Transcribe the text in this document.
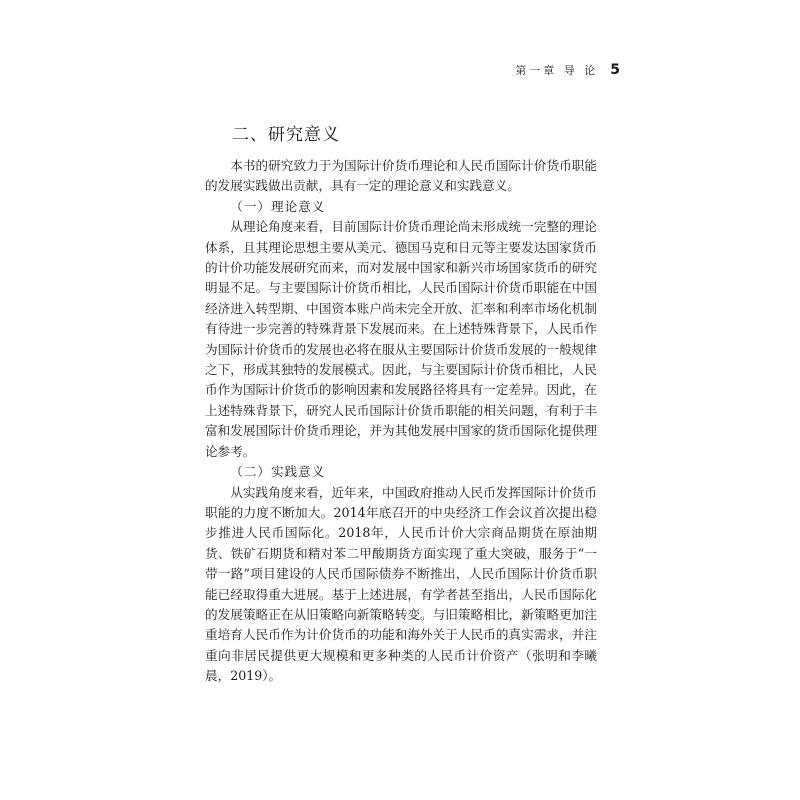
第一章 导 论 5
二、研究意义

本书的研究致力于为国际计价货币理论和人民币国际计价货币职能的发展实践做出贡献，具有一定的理论意义和实践意义。

（一）理论意义

从理论角度来看，目前国际计价货币理论尚未形成统一完整的理论体系，且其理论思想主要从美元、德国马克和日元等主要发达国家货币的计价功能发展研究而来，而对发展中国家和新兴市场国家货币的研究明显不足。与主要国际计价货币相比，人民币国际计价货币职能在中国经济进入转型期、中国资本账户尚未完全开放、汇率和利率市场化机制有待进一步完善的特殊背景下发展而来。在上述特殊背景下，人民币作为国际计价货币的发展也必将在服从主要国际计价货币发展的一般规律之下，形成其独特的发展模式。因此，与主要国际计价货币相比，人民币作为国际计价货币的影响因素和发展路径将具有一定差异。因此，在上述特殊背景下，研究人民币国际计价货币职能的相关问题，有利于丰富和发展国际计价货币理论，并为其他发展中国家的货币国际化提供理论参考。

（二）实践意义

从实践角度来看，近年来，中国政府推动人民币发挥国际计价货币职能的力度不断加大。2014年底召开的中央经济工作会议首次提出稳步推进人民币国际化。2018年，人民币计价大宗商品期货在原油期货、铁矿石期货和精对苯二甲酸期货方面实现了重大突破，服务于“一带一路”项目建设的人民币国际债券不断推出，人民币国际计价货币职能已经取得重大进展。基于上述进展，有学者甚至指出，人民币国际化的发展策略正在从旧策略向新策略转变。与旧策略相比，新策略更加注重培育人民币作为计价货币的功能和海外关于人民币的真实需求，并注重向非居民提供更大规模和更多种类的人民币计价资产（张明和李曦晨，2019）。
